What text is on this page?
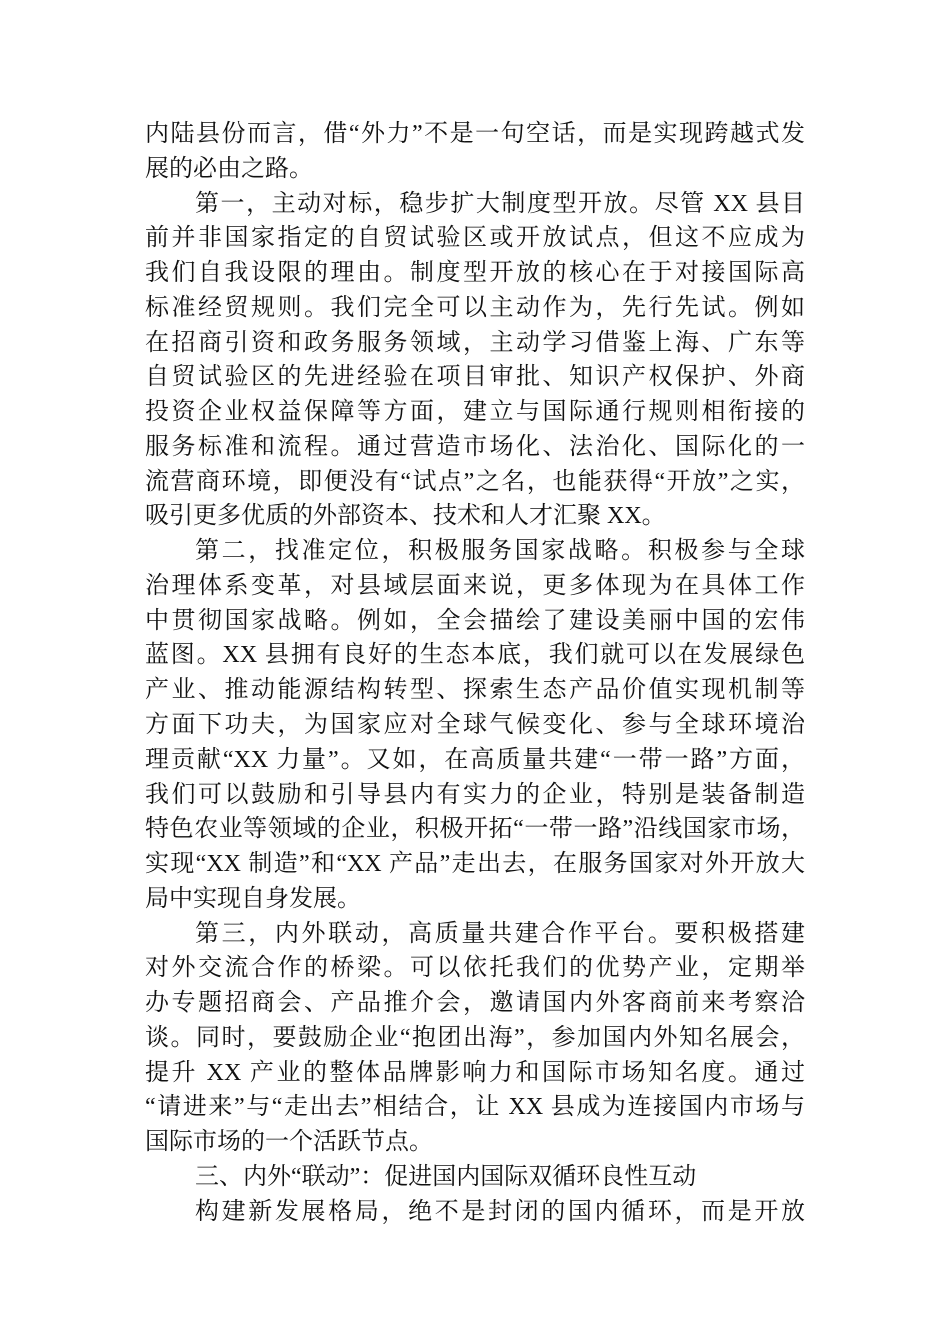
内陆县份而言，借“外力”不是一句空话，而是实现跨越式发
展的必由之路。
第一，主动对标，稳步扩大制度型开放。尽管 XX 县目
前并非国家指定的自贸试验区或开放试点，但这不应成为
我们自我设限的理由。制度型开放的核心在于对接国际高
标准经贸规则。我们完全可以主动作为，先行先试。例如
在招商引资和政务服务领域，主动学习借鉴上海、广东等
自贸试验区的先进经验在项目审批、知识产权保护、外商
投资企业权益保障等方面，建立与国际通行规则相衔接的
服务标准和流程。通过营造市场化、法治化、国际化的一
流营商环境，即便没有“试点”之名，也能获得“开放”之实，
吸引更多优质的外部资本、技术和人才汇聚 XX。
第二，找准定位，积极服务国家战略。积极参与全球
治理体系变革，对县域层面来说，更多体现为在具体工作
中贯彻国家战略。例如，全会描绘了建设美丽中国的宏伟
蓝图。XX 县拥有良好的生态本底，我们就可以在发展绿色
产业、推动能源结构转型、探索生态产品价值实现机制等
方面下功夫，为国家应对全球气候变化、参与全球环境治
理贡献“XX 力量”。又如，在高质量共建“一带一路”方面，
我们可以鼓励和引导县内有实力的企业，特别是装备制造
特色农业等领域的企业，积极开拓“一带一路”沿线国家市场，
实现“XX 制造”和“XX 产品”走出去，在服务国家对外开放大
局中实现自身发展。
第三，内外联动，高质量共建合作平台。要积极搭建
对外交流合作的桥梁。可以依托我们的优势产业，定期举
办专题招商会、产品推介会，邀请国内外客商前来考察洽
谈。同时，要鼓励企业“抱团出海”，参加国内外知名展会，
提升 XX 产业的整体品牌影响力和国际市场知名度。通过
“请进来”与“走出去”相结合，让 XX 县成为连接国内市场与
国际市场的一个活跃节点。
三、内外“联动”：促进国内国际双循环良性互动
构建新发展格局，绝不是封闭的国内循环，而是开放
